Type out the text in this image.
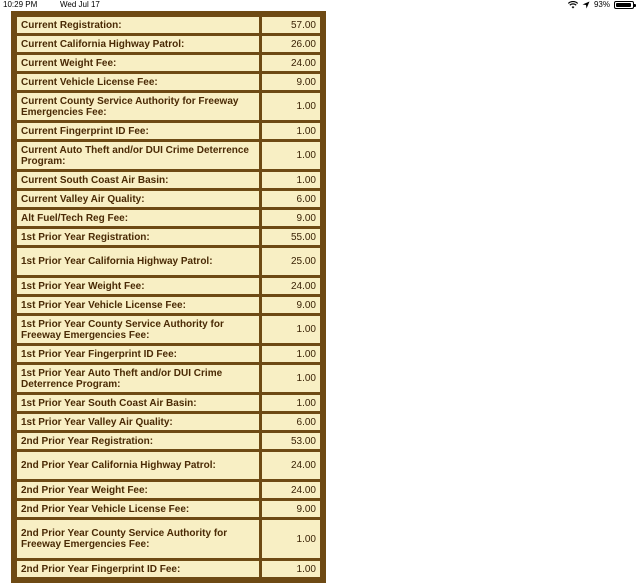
10:29 PM	Wed Jul 17	93%
Current Registration:	57.00
Current California Highway Patrol:	26.00
Current Weight Fee:	24.00
Current Vehicle License Fee:	9.00
Current County Service Authority for Freeway Emergencies Fee:	1.00
Current Fingerprint ID Fee:	1.00
Current Auto Theft and/or DUI Crime Deterrence Program:	1.00
Current South Coast Air Basin:	1.00
Current Valley Air Quality:	6.00
Alt Fuel/Tech Reg Fee:	9.00
1st Prior Year Registration:	55.00
1st Prior Year California Highway Patrol:	25.00
1st Prior Year Weight Fee:	24.00
1st Prior Year Vehicle License Fee:	9.00
1st Prior Year County Service Authority for Freeway Emergencies Fee:	1.00
1st Prior Year Fingerprint ID Fee:	1.00
1st Prior Year Auto Theft and/or DUI Crime Deterrence Program:	1.00
1st Prior Year South Coast Air Basin:	1.00
1st Prior Year Valley Air Quality:	6.00
2nd Prior Year Registration:	53.00
2nd Prior Year California Highway Patrol:	24.00
2nd Prior Year Weight Fee:	24.00
2nd Prior Year Vehicle License Fee:	9.00
2nd Prior Year County Service Authority for Freeway Emergencies Fee:	1.00
2nd Prior Year Fingerprint ID Fee:	1.00
